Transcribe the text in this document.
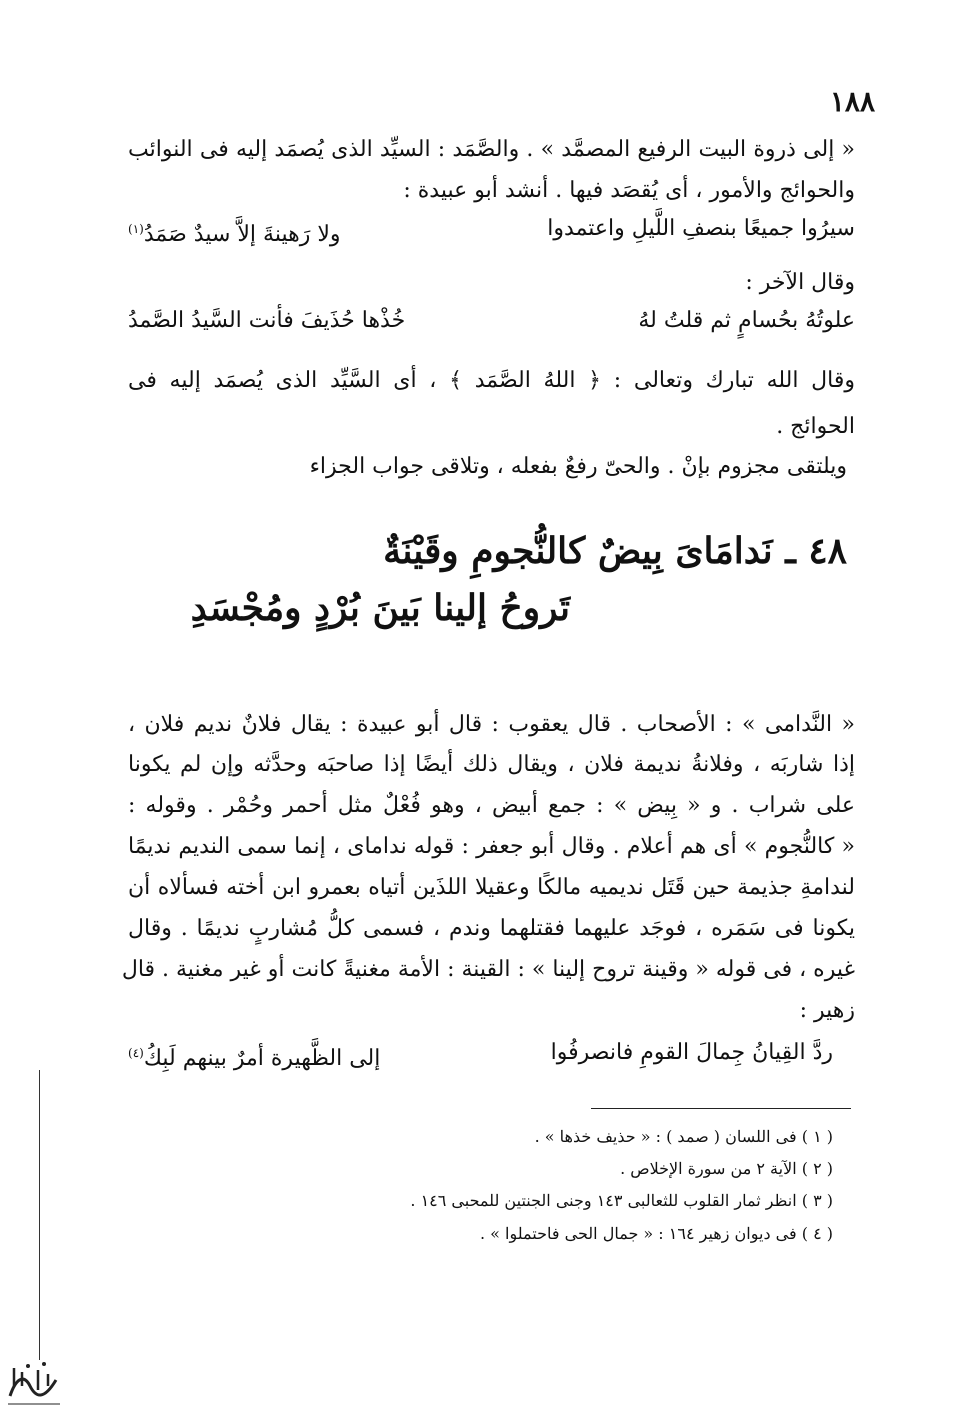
١٨٨
« إلى ذروة البيت الرفيع المصمَّد » . والصَّمَد : السيِّد الذى يُصمَد إليه فى النوائب
والحوائج والأمور ، أى يُقصَد فيها . أنشد أبو عبيدة :
سيرُوا جميعًا بنصفِ اللَّيلِ واعتمدوا
ولا رَهينةَ إلاَّ سيدٌ صَمَدُ$^{(١)}$
وقال الآخر :
علوتُهُ بحُسامٍ ثم قلتُ لهُ
خُذْها حُذَيفَ فأنت السَّيدُ الصَّمدُ
وقال الله تبارك وتعالى : ﴿ اللهُ الصَّمَد ﴾ ، أى السَّيِّد الذى يُصمَد إليه فى
الحوائج .
ويلتقى مجزوم بإنْ . والحىّ رفعٌ بفعله ، وتلاقى جواب الجزاء
٤٨ ـ نَدامَایَ بِیضٌ کالنُّجومِ وقَیْنَةٌ
تَروحُ إلینا بَینَ بُرْدٍ ومُجْسَدِ
« النَّدامى » : الأصحاب . قال يعقوب : قال أبو عبيدة : يقال فلانٌ نديم فلان ،
إذا شاربَه ، وفلانةُ نديمة فلان ، ويقال ذلك أيضًا إذا صاحبَه وحدَّثه وإن لم يكونا
على شراب . و « بِيض » : جمع أبيض ، وهو فُعْلٌ مثل أحمر وحُمْر . وقوله :
« كالنُّجوم » أى هم أعلام . وقال أبو جعفر : قوله نداماى ، إنما سمى النديم نديمًا
لندامةِ جذيمة حين قَتَل نديميه مالكًا وعقيلا اللذَين أتياه بعمرو ابن أخته فسألاه أن
يكونا فى سَمَره ، فوجَد عليهما فقتلهما وندم ، فسمى كلُّ مُشاربٍ نديمًا . وقال
غيره ، فى قوله « وقينة تروح إلينا » : القينة : الأمة مغنيةً كانت أو غير مغنية . قال
زهير :
ردَّ القِيانُ جِمالَ القومِ فانصرفُوا
إلى الظَّهيرة أمرٌ بينهم لَبِكُ$^{(٤)}$
( ١ ) فى اللسان ( صمد ) : « حذيف خذها » .
( ٢ ) الآية ٢ من سورة الإخلاص .
( ٣ ) انظر ثمار القلوب للثعالبى ١٤٣ وجنى الجنتين للمحبى ١٤٦ .
( ٤ ) فى ديوان زهير ١٦٤ : « جمال الحى فاحتملوا » .
